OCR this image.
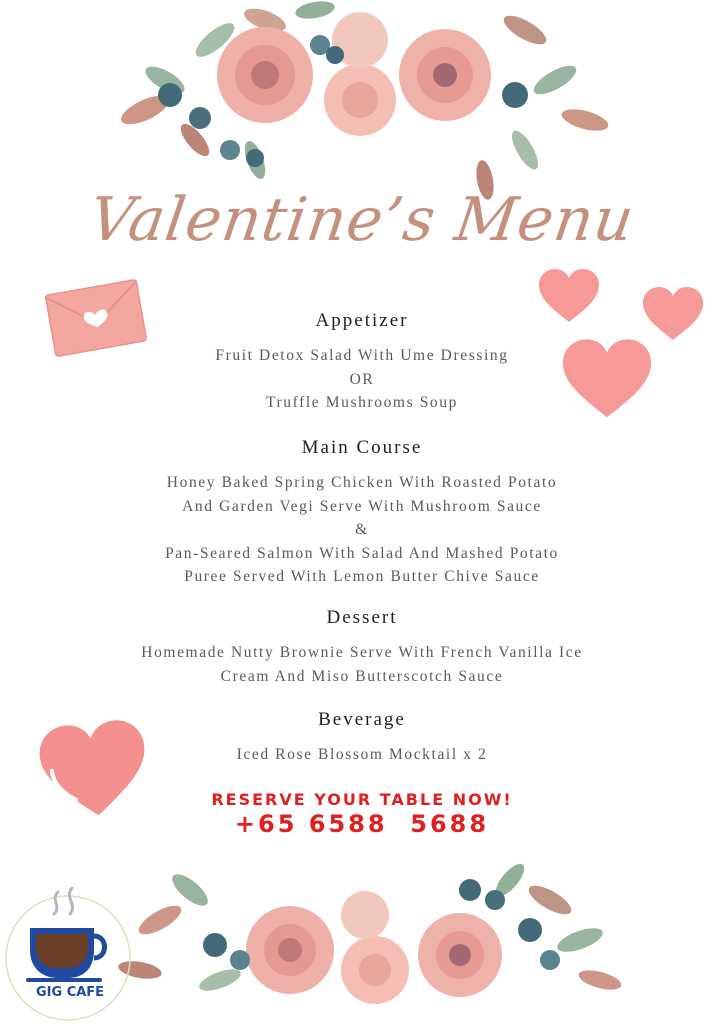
Valentine’s Menu
Appetizer
Fruit Detox Salad With Ume Dressing
OR
Truffle Mushrooms Soup
Main Course
Honey Baked Spring Chicken With Roasted Potato
And Garden Vegi Serve With Mushroom Sauce
&
Pan-Seared Salmon With Salad And Mashed Potato
Puree Served With Lemon Butter Chive Sauce
Dessert
Homemade Nutty Brownie Serve With French Vanilla Ice
Cream And Miso Butterscotch Sauce
Beverage
Iced Rose Blossom Mocktail x 2
RESERVE YOUR TABLE NOW!
+65 6588  5688
GIG CAFE
